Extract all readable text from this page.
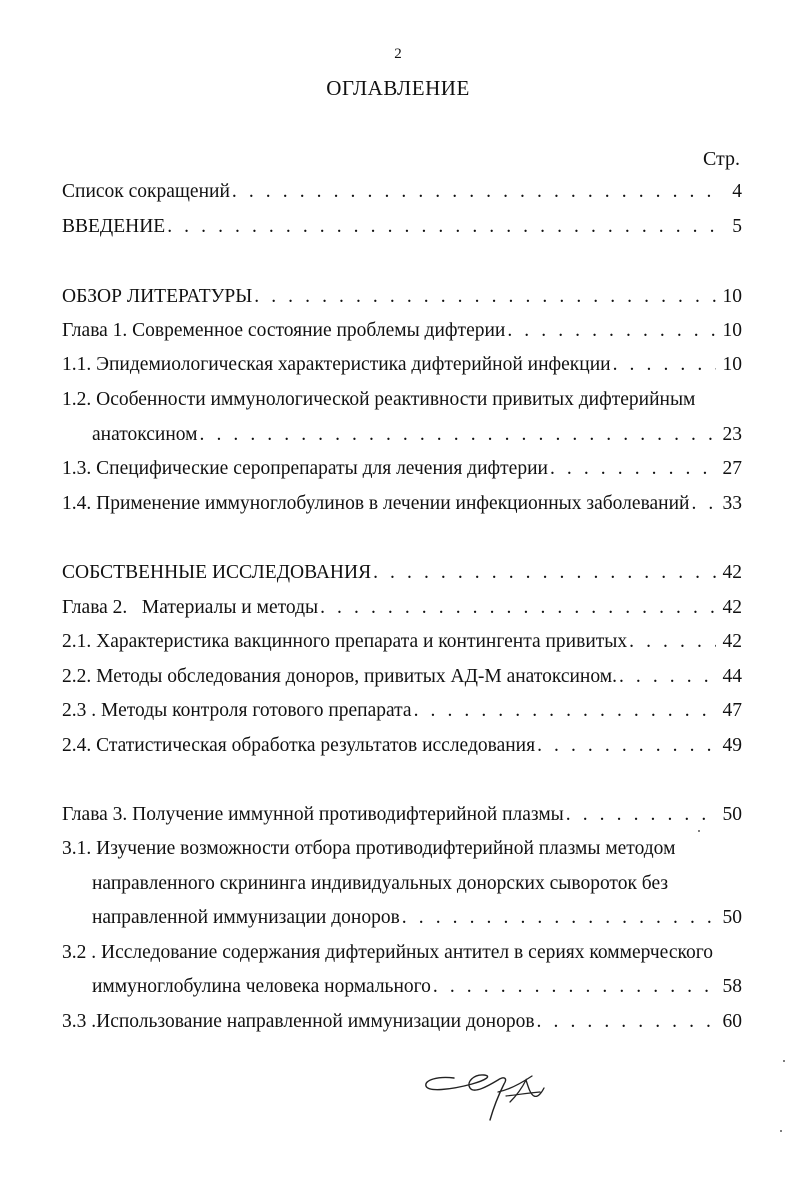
2
ОГЛАВЛЕНИЕ
Стр.
Список сокращений . . .	4
ВВЕДЕНИЕ . . .	5
ОБЗОР ЛИТЕРАТУРЫ . . .	10
Глава 1. Современное состояние проблемы дифтерии . . .	10
1.1. Эпидемиологическая характеристика дифтерийной инфекции . . .	10
1.2. Особенности иммунологической реактивности привитых дифтерийным
анатоксином . . .	23
1.3. Специфические серопрепараты для лечения дифтерии . . .	27
1.4. Применение иммуноглобулинов в лечении инфекционных заболеваний . . . 33
СОБСТВЕННЫЕ ИССЛЕДОВАНИЯ . . .	42
Глава 2.   Материалы и методы . . .	42
2.1. Характеристика вакцинного препарата и контингента привитых . . .	42
2.2. Методы обследования доноров, привитых АД-М анатоксином. . . .	44
2.3 . Методы контроля готового препарата . . .	47
2.4. Статистическая обработка результатов исследования . . .	49
Глава 3. Получение иммунной противодифтерийной плазмы . . .	50
3.1. Изучение возможности отбора противодифтерийной плазмы методом
направленного скрининга индивидуальных донорских сывороток без
направленной иммунизации доноров . . .	50
3.2 . Исследование содержания дифтерийных антител в сериях коммерческого
иммуноглобулина человека нормального . . .	58
3.3 .Использование направленной иммунизации доноров . . .	60
